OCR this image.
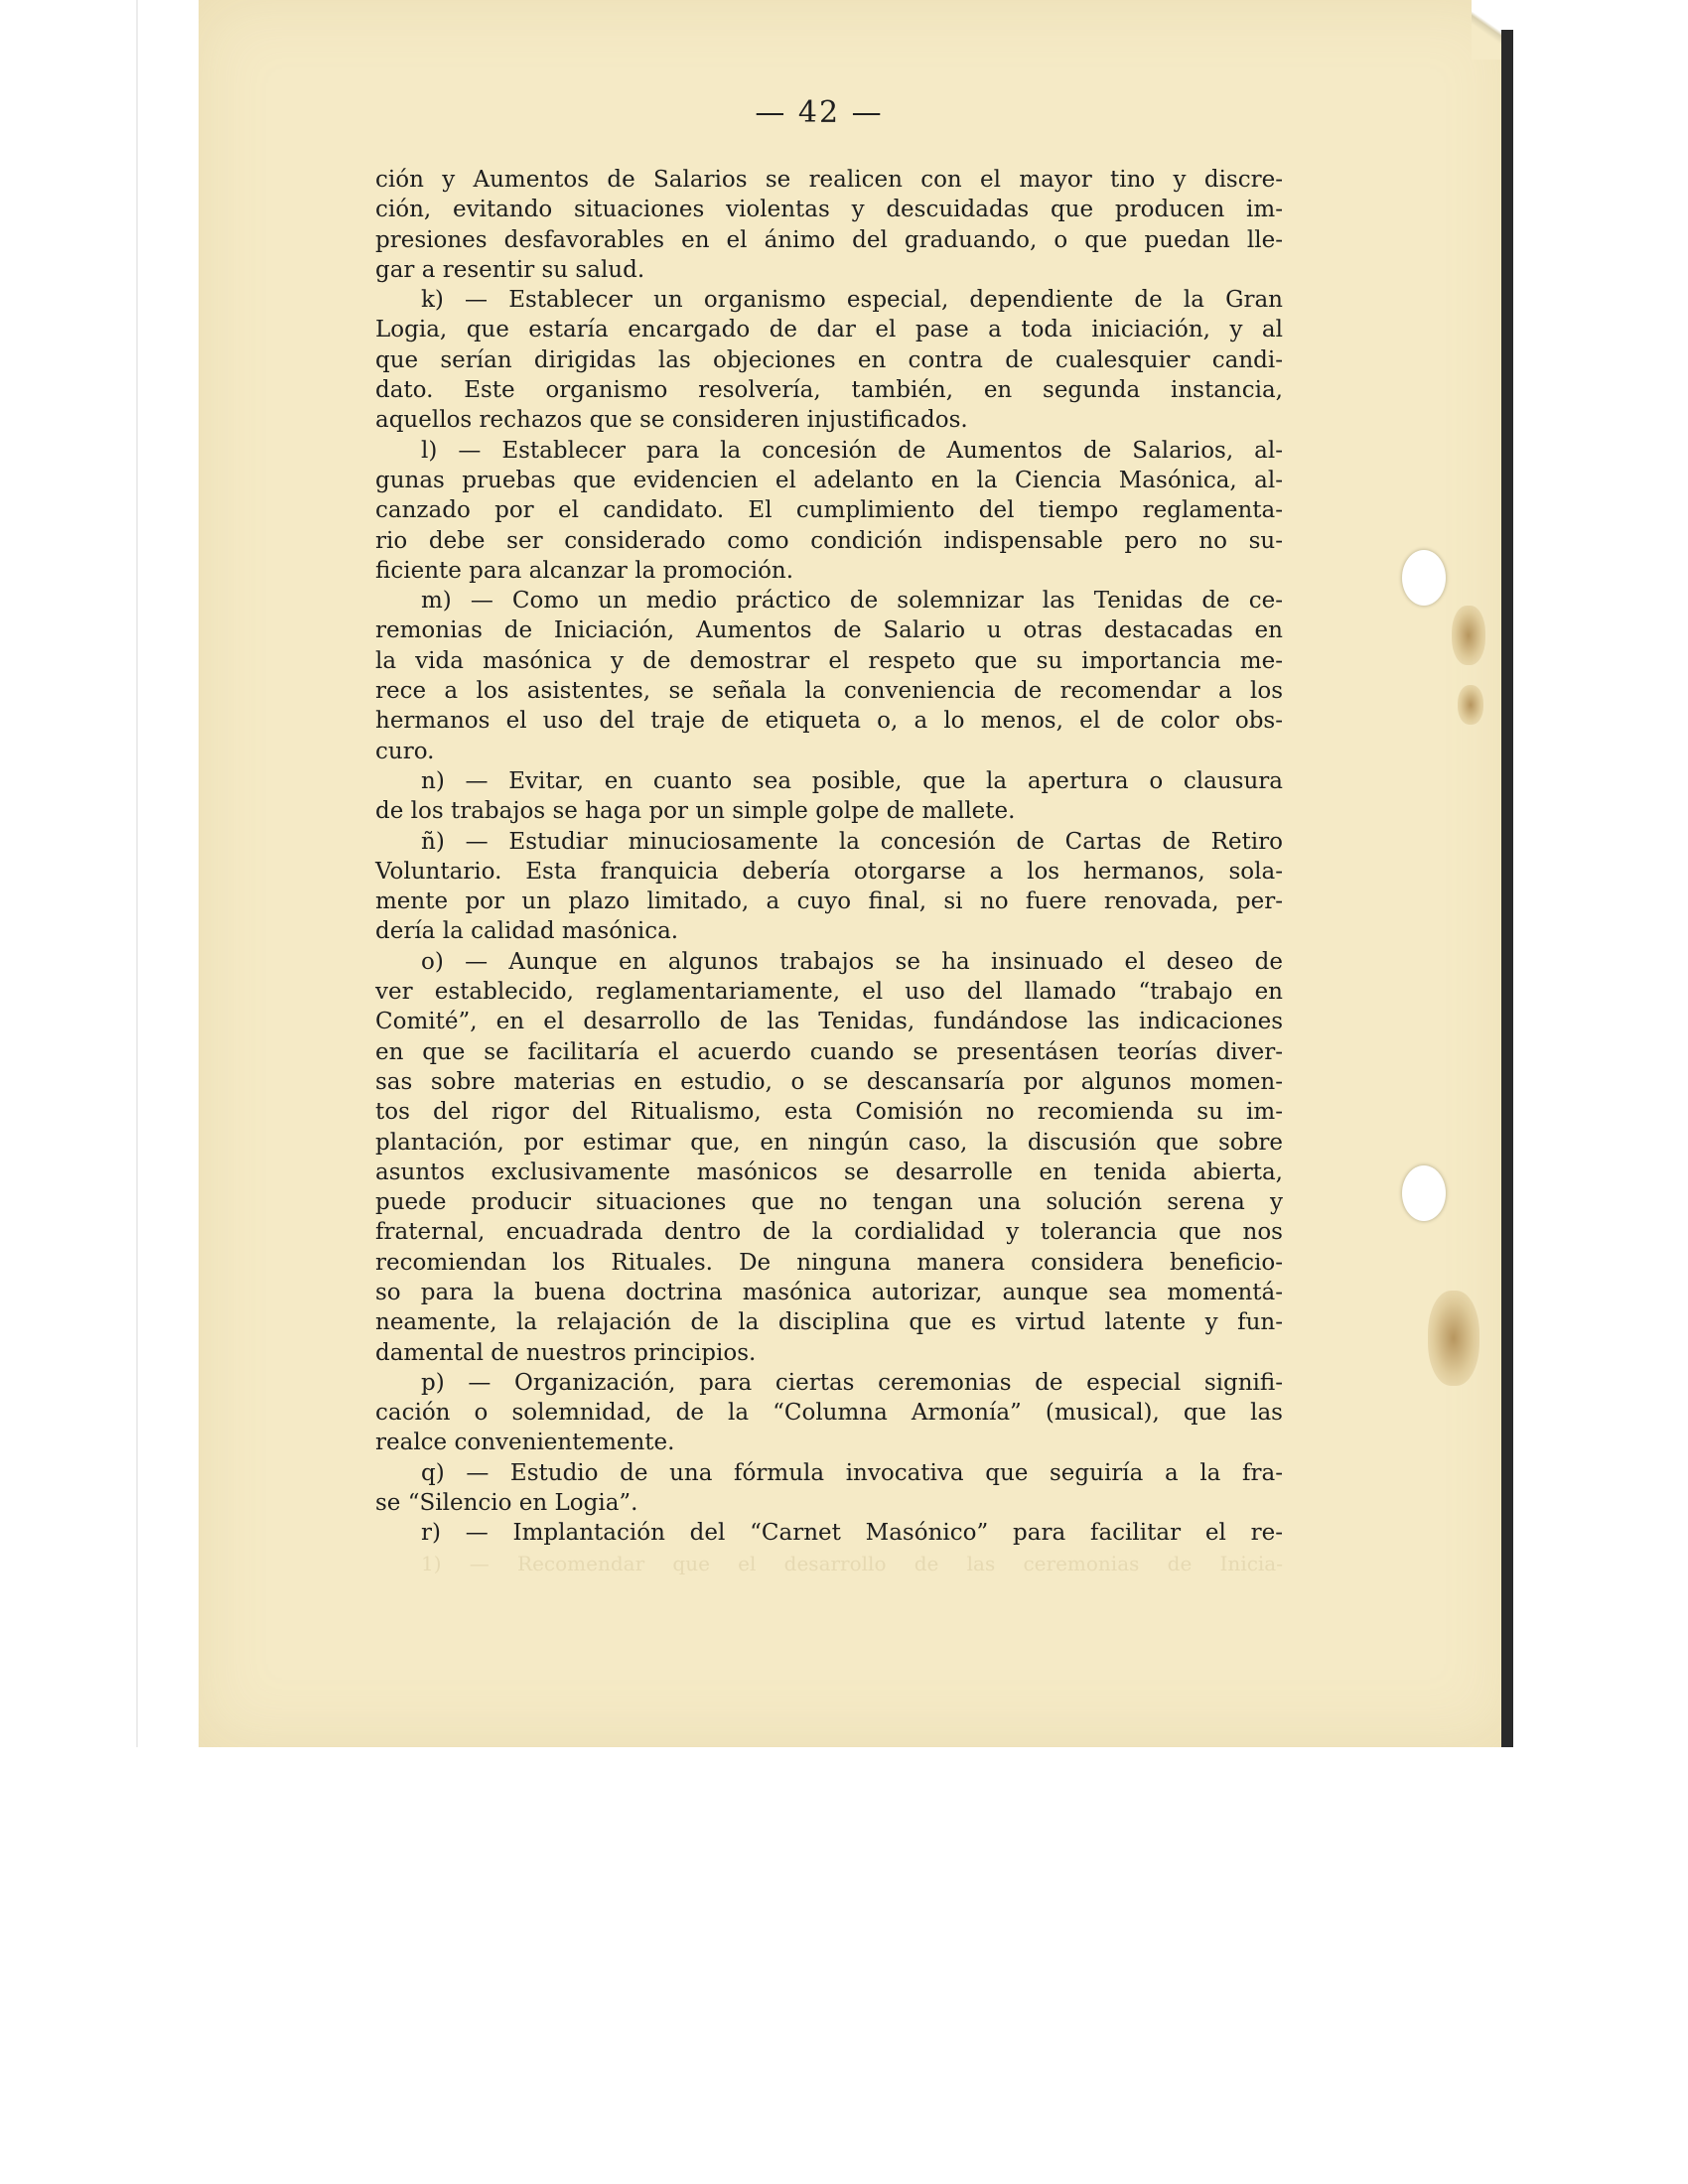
— 42 —
ción y Aumentos de Salarios se realicen con el mayor tino y discre-
ción, evitando situaciones violentas y descuidadas que producen im-
presiones desfavorables en el ánimo del graduando, o que puedan lle-
gar a resentir su salud.
k) — Establecer un organismo especial, dependiente de la Gran
Logia, que estaría encargado de dar el pase a toda iniciación, y al
que serían dirigidas las objeciones en contra de cualesquier candi-
dato. Este organismo resolvería, también, en segunda instancia,
aquellos rechazos que se consideren injustificados.
l) — Establecer para la concesión de Aumentos de Salarios, al-
gunas pruebas que evidencien el adelanto en la Ciencia Masónica, al-
canzado por el candidato. El cumplimiento del tiempo reglamenta-
rio debe ser considerado como condición indispensable pero no su-
ficiente para alcanzar la promoción.
m) — Como un medio práctico de solemnizar las Tenidas de ce-
remonias de Iniciación, Aumentos de Salario u otras destacadas en
la vida masónica y de demostrar el respeto que su importancia me-
rece a los asistentes, se señala la conveniencia de recomendar a los
hermanos el uso del traje de etiqueta o, a lo menos, el de color obs-
curo.
n) — Evitar, en cuanto sea posible, que la apertura o clausura
de los trabajos se haga por un simple golpe de mallete.
ñ) — Estudiar minuciosamente la concesión de Cartas de Retiro
Voluntario. Esta franquicia debería otorgarse a los hermanos, sola-
mente por un plazo limitado, a cuyo final, si no fuere renovada, per-
dería la calidad masónica.
o) — Aunque en algunos trabajos se ha insinuado el deseo de
ver establecido, reglamentariamente, el uso del llamado “trabajo en
Comité”, en el desarrollo de las Tenidas, fundándose las indicaciones
en que se facilitaría el acuerdo cuando se presentásen teorías diver-
sas sobre materias en estudio, o se descansaría por algunos momen-
tos del rigor del Ritualismo, esta Comisión no recomienda su im-
plantación, por estimar que, en ningún caso, la discusión que sobre
asuntos exclusivamente masónicos se desarrolle en tenida abierta,
puede producir situaciones que no tengan una solución serena y
fraternal, encuadrada dentro de la cordialidad y tolerancia que nos
recomiendan los Rituales. De ninguna manera considera beneficio-
so para la buena doctrina masónica autorizar, aunque sea momentá-
neamente, la relajación de la disciplina que es virtud latente y fun-
damental de nuestros principios.
p) — Organización, para ciertas ceremonias de especial signifi-
cación o solemnidad, de la “Columna Armonía” (musical), que las
realce convenientemente.
q) — Estudio de una fórmula invocativa que seguiría a la fra-
se “Silencio en Logia”.
r) — Implantación del “Carnet Masónico” para facilitar el re-
1) — Recomendar que el desarrollo de las ceremonias de Inicia-
